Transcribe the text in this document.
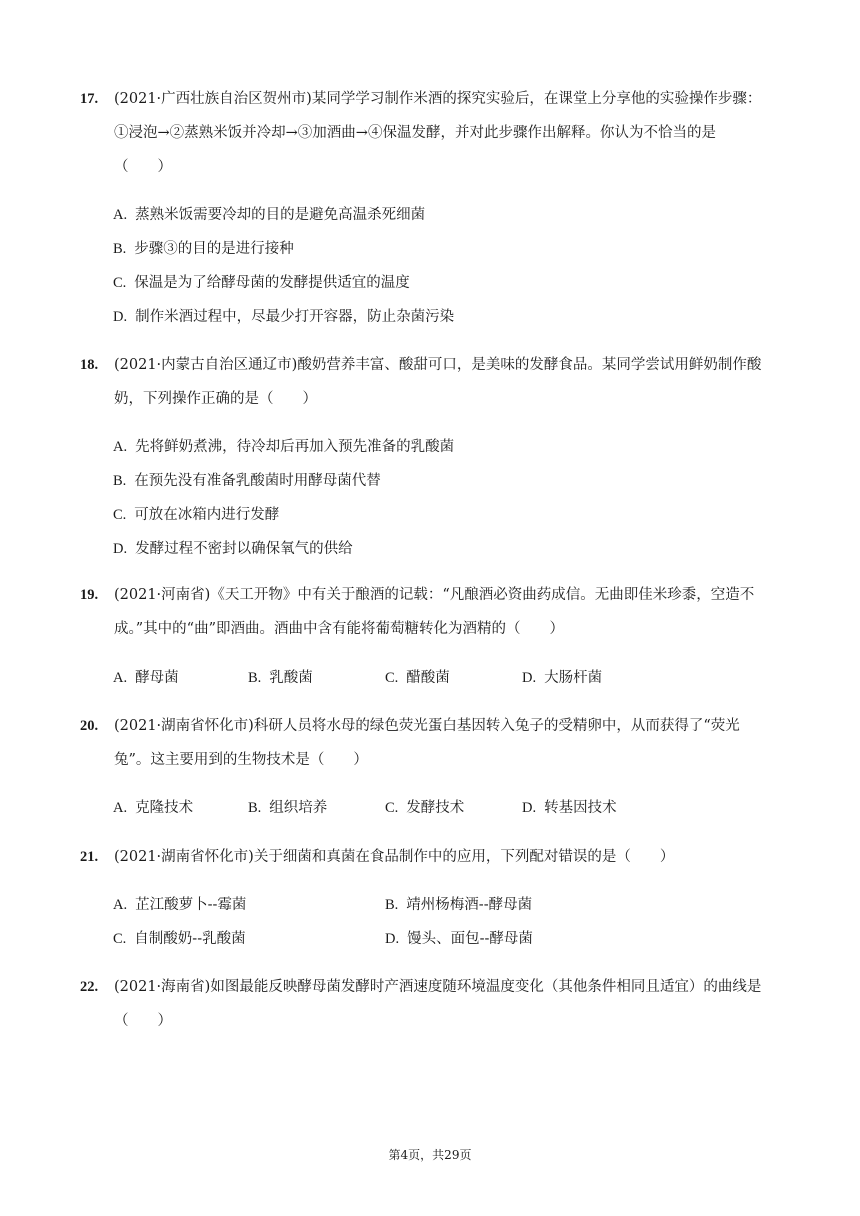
17. (2021·广西壮族自治区贺州市)某同学学习制作米酒的探究实验后，在课堂上分享他的实验操作步骤：
①浸泡→②蒸熟米饭并冷却→③加酒曲→④保温发酵，并对此步骤作出解释。你认为不恰当的是
（　　）
A. 蒸熟米饭需要冷却的目的是避免高温杀死细菌
B. 步骤③的目的是进行接种
C. 保温是为了给酵母菌的发酵提供适宜的温度
D. 制作米酒过程中，尽最少打开容器，防止杂菌污染
18. (2021·内蒙古自治区通辽市)酸奶营养丰富、酸甜可口，是美味的发酵食品。某同学尝试用鲜奶制作酸
奶，下列操作正确的是（　　）
A. 先将鲜奶煮沸，待冷却后再加入预先准备的乳酸菌
B. 在预先没有准备乳酸菌时用酵母菌代替
C. 可放在冰箱内进行发酵
D. 发酵过程不密封以确保氧气的供给
19. (2021·河南省)《天工开物》中有关于酿酒的记载：“凡酿酒必资曲药成信。无曲即佳米珍黍，空造不
成。”其中的“曲”即酒曲。酒曲中含有能将葡萄糖转化为酒精的（　　）
A. 酵母菌	B. 乳酸菌	C. 醋酸菌	D. 大肠杆菌
20. (2021·湖南省怀化市)科研人员将水母的绿色荧光蛋白基因转入兔子的受精卵中，从而获得了“荧光
兔”。这主要用到的生物技术是（　　）
A. 克隆技术	B. 组织培养	C. 发酵技术	D. 转基因技术
21. (2021·湖南省怀化市)关于细菌和真菌在食品制作中的应用，下列配对错误的是（　　）
A. 芷江酸萝卜--霉菌	B. 靖州杨梅酒--酵母菌
C. 自制酸奶--乳酸菌	D. 馒头、面包--酵母菌
22. (2021·海南省)如图最能反映酵母菌发酵时产酒速度随环境温度变化（其他条件相同且适宜）的曲线是
（　　）
第4页，共29页
